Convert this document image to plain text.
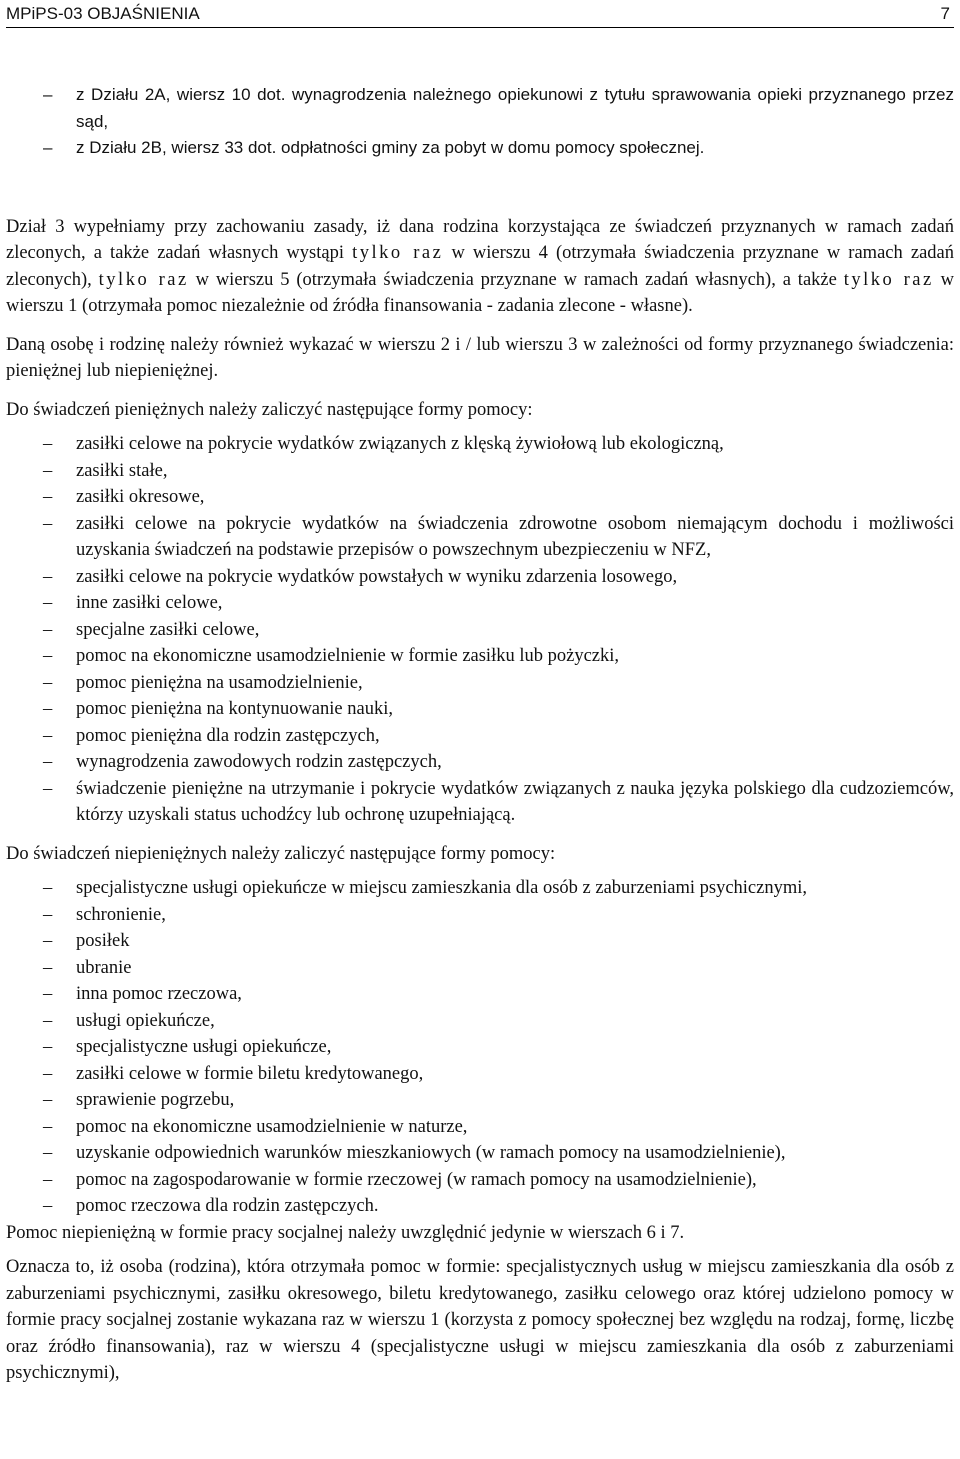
MPiPS-03 OBJAŚNIENIA	7
– z Działu 2A, wiersz 10 dot. wynagrodzenia należnego opiekunowi z tytułu sprawowania opieki przyznanego przez sąd,
– z Działu 2B, wiersz 33 dot. odpłatności gminy za pobyt w domu pomocy społecznej.

Dział 3 wypełniamy przy zachowaniu zasady, iż dana rodzina korzystająca ze świadczeń przyznanych w ramach zadań zleconych, a także zadań własnych wystąpi tylko raz w wierszu 4 (otrzymała świadczenia przyznane w ramach zadań zleconych), tylko raz w wierszu 5 (otrzymała świadczenia przyznane w ramach zadań własnych), a także tylko raz w wierszu 1 (otrzymała pomoc niezależnie od źródła finansowania - zadania zlecone - własne).

Daną osobę i rodzinę należy również wykazać w wierszu 2 i / lub wierszu 3 w zależności od formy przyznanego świadczenia: pieniężnej lub niepieniężnej.

Do świadczeń pieniężnych należy zaliczyć następujące formy pomocy:

– zasiłki celowe na pokrycie wydatków związanych z klęską żywiołową lub ekologiczną,
– zasiłki stałe,
– zasiłki okresowe,
– zasiłki celowe na pokrycie wydatków na świadczenia zdrowotne osobom niemającym dochodu i możliwości uzyskania świadczeń na podstawie przepisów o powszechnym ubezpieczeniu w NFZ,
– zasiłki celowe na pokrycie wydatków powstałych w wyniku zdarzenia losowego,
– inne zasiłki celowe,
– specjalne zasiłki celowe,
– pomoc na ekonomiczne usamodzielnienie w formie zasiłku lub pożyczki,
– pomoc pieniężna na usamodzielnienie,
– pomoc pieniężna na kontynuowanie nauki,
– pomoc pieniężna dla rodzin zastępczych,
– wynagrodzenia zawodowych rodzin zastępczych,
– świadczenie pieniężne na utrzymanie i pokrycie wydatków związanych z nauka języka polskiego dla cudzoziemców, którzy uzyskali status uchodźcy lub ochronę uzupełniającą.

Do świadczeń niepieniężnych należy zaliczyć następujące formy pomocy:

– specjalistyczne usługi opiekuńcze w miejscu zamieszkania dla osób z zaburzeniami psychicznymi,
– schronienie,
– posiłek
– ubranie
– inna pomoc rzeczowa,
– usługi opiekuńcze,
– specjalistyczne usługi opiekuńcze,
– zasiłki celowe w formie biletu kredytowanego,
– sprawienie pogrzebu,
– pomoc na ekonomiczne usamodzielnienie w naturze,
– uzyskanie odpowiednich warunków mieszkaniowych (w ramach pomocy na usamodzielnienie),
– pomoc na zagospodarowanie w formie rzeczowej (w ramach pomocy na usamodzielnienie),
– pomoc rzeczowa dla rodzin zastępczych.

Pomoc niepieniężną w formie pracy socjalnej należy uwzględnić jedynie w wierszach 6 i 7.

Oznacza to, iż osoba (rodzina), która otrzymała pomoc w formie: specjalistycznych usług w miejscu zamieszkania dla osób z zaburzeniami psychicznymi, zasiłku okresowego, biletu kredytowanego, zasiłku celowego oraz której udzielono pomocy w formie pracy socjalnej zostanie wykazana raz w wierszu 1 (korzysta z pomocy społecznej bez względu na rodzaj, formę, liczbę oraz źródło finansowania), raz w wierszu 4 (specjalistyczne usługi w miejscu zamieszkania dla osób z zaburzeniami psychicznymi),
